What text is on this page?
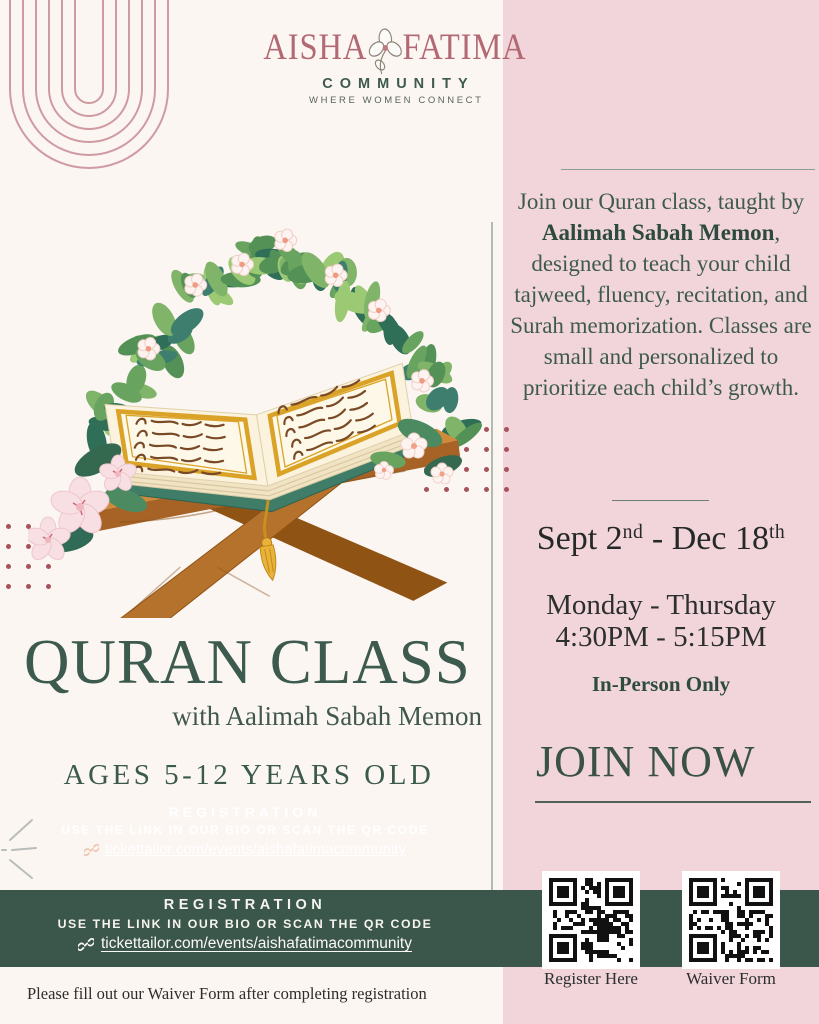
AISHA FATIMA
COMMUNITY
WHERE WOMEN CONNECT
QURAN CLASS
with Aalimah Sabah Memon
AGES 5-12 YEARS OLD
REGISTRATION
USE THE LINK IN OUR BIO OR SCAN THE QR CODE
tickettailor.com/events/aishafatimacommunity
Join our Quran class, taught by Aalimah Sabah Memon, designed to teach your child tajweed, fluency, recitation, and Surah memorization. Classes are small and personalized to prioritize each child’s growth.
Sept 2nd - Dec 18th
Monday - Thursday
4:30PM - 5:15PM
In-Person Only
JOIN NOW
REGISTRATION
USE THE LINK IN OUR BIO OR SCAN THE QR CODE
tickettailor.com/events/aishafatimacommunity
Register Here	Waiver Form
Please fill out our Waiver Form after completing registration
